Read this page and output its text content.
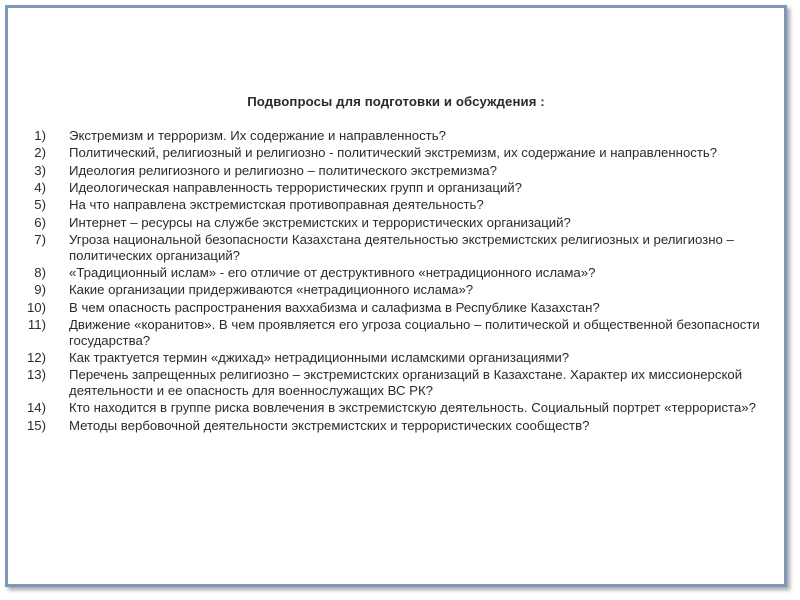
Подвопросы для подготовки и обсуждения :
1) Экстремизм и терроризм. Их содержание и направленность?
2) Политический, религиозный и религиозно - политический экстремизм, их содержание и направленность?
3) Идеология религиозного и религиозно – политического экстремизма?
4) Идеологическая направленность террористических групп и организаций?
5) На что направлена экстремистская противоправная деятельность?
6) Интернет – ресурсы на службе экстремистских и террористических организаций?
7) Угроза национальной безопасности Казахстана деятельностью экстремистских религиозных и религиозно – политических организаций?
8) «Традиционный ислам» - его отличие от деструктивного «нетрадиционного ислама»?
9) Какие организации придерживаются «нетрадиционного ислама»?
10) В чем опасность распространения ваххабизма и салафизма в Республике Казахстан?
11) Движение «коранитов». В чем проявляется его угроза социально – политической и общественной безопасности государства?
12) Как трактуется термин «джихад» нетрадиционными исламскими организациями?
13) Перечень запрещенных религиозно – экстремистских организаций в Казахстане. Характер их миссионерской деятельности и ее опасность для военнослужащих ВС РК?
14) Кто находится в группе риска вовлечения в экстремистскую деятельность. Социальный портрет «террориста»?
15) Методы вербовочной деятельности экстремистских и террористических сообществ?
